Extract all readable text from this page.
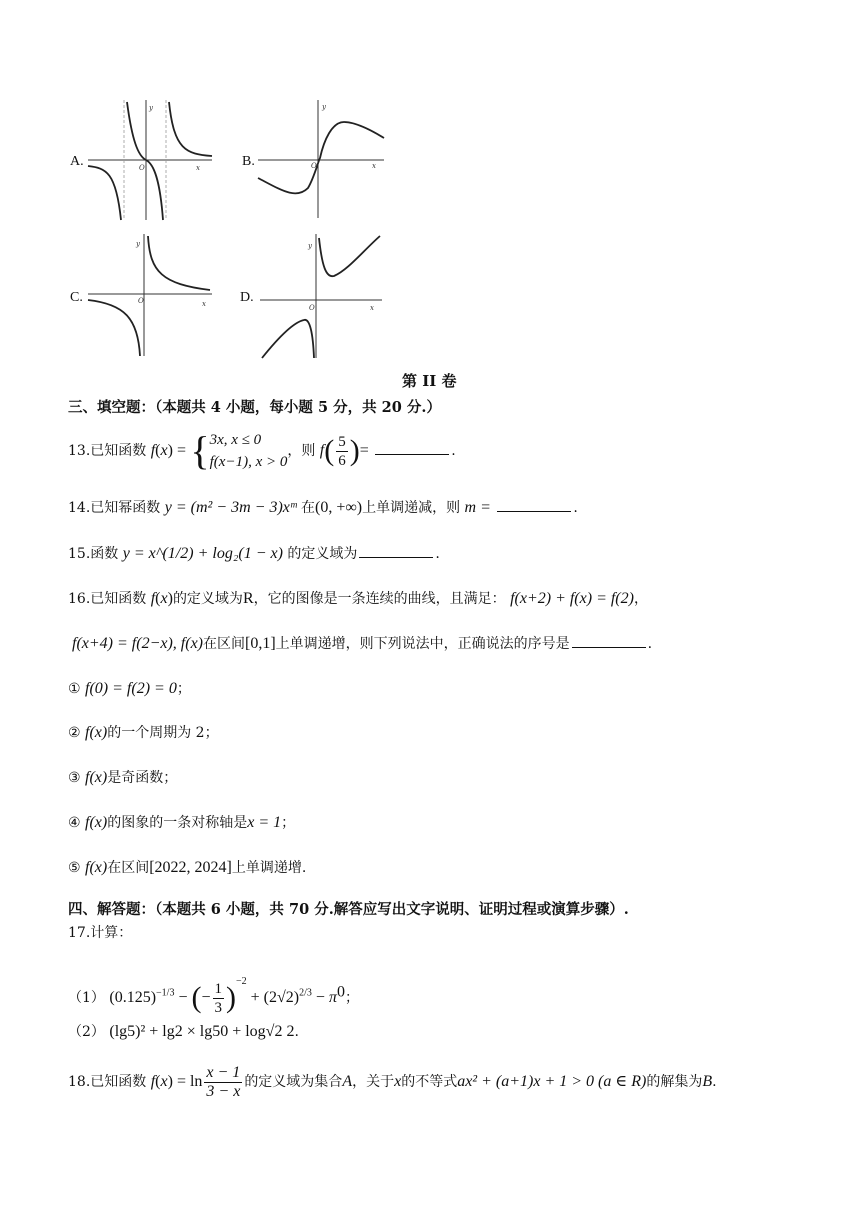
A.
y
x
O	B.
y
x
O
C.
y
x
O	D.
y
x
O
第 II 卷
三、填空题：（本题共 4 小题，每小题 5 分，共 20 分.）
13.已知函数 f(x) = { 3x, x ≤ 0
f(x−1), x > 0
，则 $f( \frac{5}{6}$ )=	.
14.已知幂函数 y = (m² − 3m − 3)xᵐ 在(0, +∞)上单调递减，则 m =	.
15.函数 y = x^(1/2) + log₂(1 − x) 的定义域为	.
16.已知函数 f(x)的定义域为R，它的图像是一条连续的曲线，且满足： f(x+2) + f(x) = f(2)，
f(x+4) = f(2−x), f(x)在区间[0,1]上单调递增，则下列说法中，正确说法的序号是	.
① f(0) = f(2) = 0；
② f(x)的一个周期为 2；
③ f(x)是奇函数；
④ f(x)的图象的一条对称轴是x = 1；
⑤ f(x)在区间[2022, 2024]上单调递增.
四、解答题：（本题共 6 小题，共 70 分.解答应写出文字说明、证明过程或演算步骤）.
17.计算：
（1） $(0.125)^{-1/3}$ − (− $\frac{1}{3} )^{-2} + (2√2)^{2/3} - \pi^0$；
（2） (lg5)² + lg2 × lg50 + log√2 2.
18.已知函数 $f(x) = \ln \frac{x - 1}{3 - x}$ 的定义域为集合A，关于x的不等式ax² + (a+1)x + 1 > 0 (a ∈ R)的解集为B.
